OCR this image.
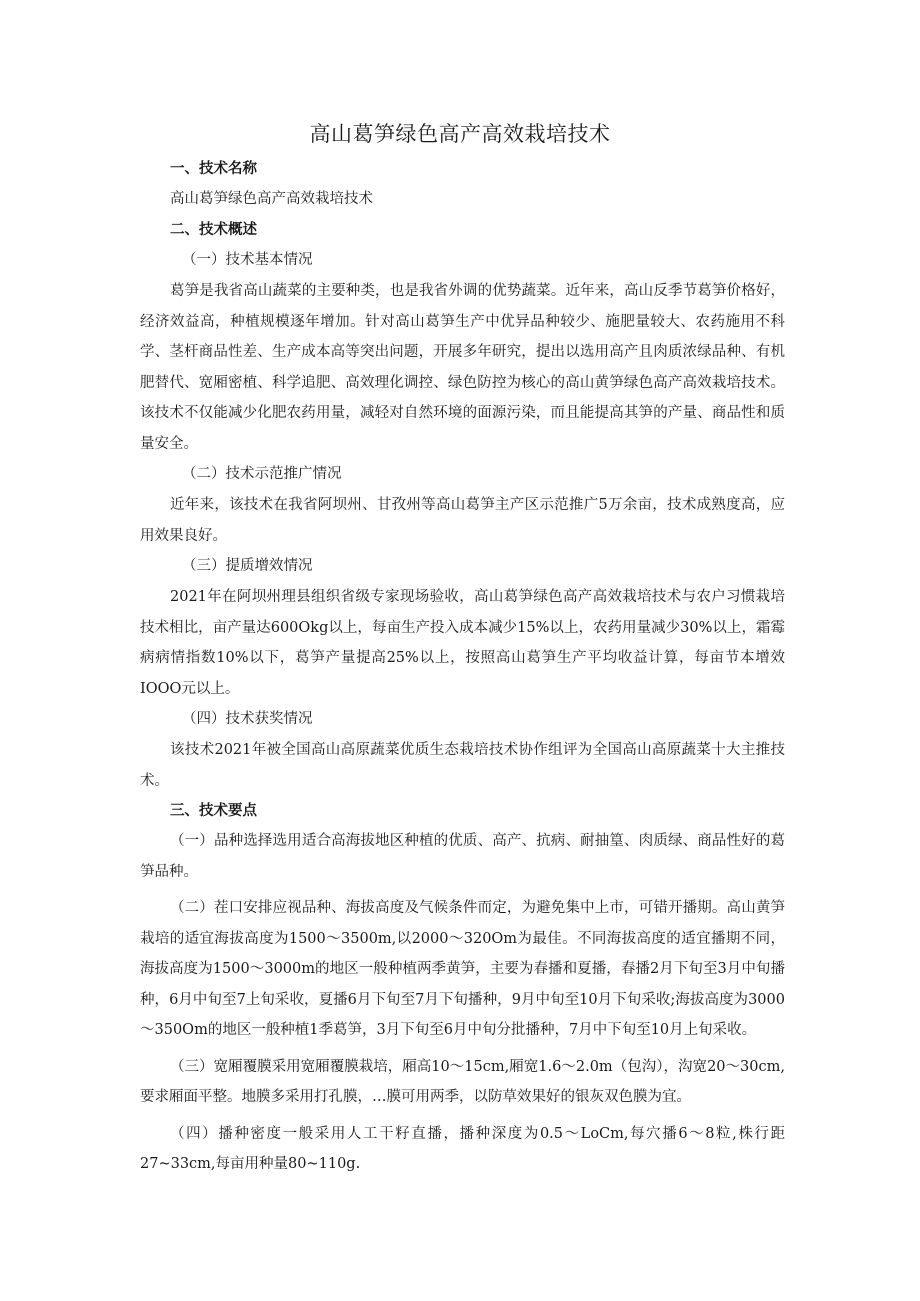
高山葛笋绿色高产高效栽培技术
一、技术名称
高山葛笋绿色高产高效栽培技术
二、技术概述
（一）技术基本情况

葛笋是我省高山蔬菜的主要种类，也是我省外调的优势蔬菜。近年来，高山反季节葛笋价格好，经济效益高，种植规模逐年增加。针对高山葛笋生产中优异品种较少、施肥量较大、农药施用不科学、茎杆商品性差、生产成本高等突出问题，开展多年研究，提出以选用高产且肉质浓绿品种、有机肥替代、宽厢密植、科学追肥、高效理化调控、绿色防控为核心的高山黄笋绿色高产高效栽培技术。该技术不仅能减少化肥农药用量，减轻对自然环境的面源污染，而且能提高其笋的产量、商品性和质量安全。

（二）技术示范推广情况

近年来，该技术在我省阿坝州、甘孜州等高山葛笋主产区示范推广5万余亩，技术成熟度高，应用效果良好。

（三）提质增效情况

2021年在阿坝州理县组织省级专家现场验收，高山葛笋绿色高产高效栽培技术与农户习惯栽培技术相比，亩产量达600Okg以上，每亩生产投入成本减少15%以上，农药用量减少30%以上，霜霉病病情指数10%以下，葛笋产量提高25%以上，按照高山葛笋生产平均收益计算，每亩节本增效IOOO元以上。

（四）技术获奖情况

该技术2021年被全国高山高原蔬菜优质生态栽培技术协作组评为全国高山高原蔬菜十大主推技术。

三、技术要点

（一）品种选择选用适合高海拔地区种植的优质、高产、抗病、耐抽篁、肉质绿、商品性好的葛笋品种。

（二）茬口安排应视品种、海拔高度及气候条件而定，为避免集中上市，可错开播期。高山黄笋栽培的适宜海拔高度为1500～3500m,以2000～320Om为最佳。不同海拔高度的适宜播期不同，海拔高度为1500～3000m的地区一般种植两季黄笋，主要为春播和夏播，春播2月下旬至3月中旬播种，6月中旬至7上旬采收，夏播6月下旬至7月下旬播种，9月中旬至10月下旬采收;海拔高度为3000～350Om的地区一般种植1季葛笋，3月下旬至6月中旬分批播种，7月中下旬至10月上旬采收。

（三）宽厢覆膜采用宽厢覆膜栽培，厢高10～15cm,厢宽1.6～2.0m（包沟），沟宽20～30cm,要求厢面平整。地膜多采用打孔膜，…膜可用两季，以防草效果好的银灰双色膜为宜。

（四）播种密度一般采用人工干籽直播，播种深度为0.5～LoCm,每穴播6～8粒,株行距27~33cm,每亩用种量80~110g.
